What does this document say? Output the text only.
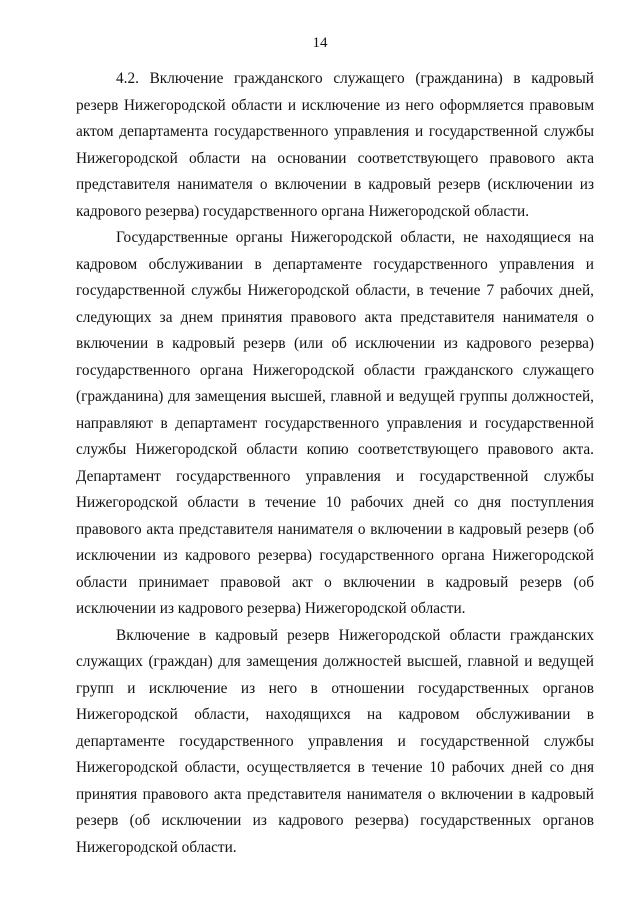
14

4.2. Включение гражданского служащего (гражданина) в кадровый резерв Нижегородской области и исключение из него оформляется правовым актом департамента государственного управления и государственной службы Нижегородской области на основании соответствующего правового акта представителя нанимателя о включении в кадровый резерв (исключении из кадрового резерва) государственного органа Нижегородской области.

Государственные органы Нижегородской области, не находящиеся на кадровом обслуживании в департаменте государственного управления и государственной службы Нижегородской области, в течение 7 рабочих дней, следующих за днем принятия правового акта представителя нанимателя о включении в кадровый резерв (или об исключении из кадрового резерва) государственного органа Нижегородской области гражданского служащего (гражданина) для замещения высшей, главной и ведущей группы должностей, направляют в департамент государственного управления и государственной службы Нижегородской области копию соответствующего правового акта. Департамент государственного управления и государственной службы Нижегородской области в течение 10 рабочих дней со дня поступления правового акта представителя нанимателя о включении в кадровый резерв (об исключении из кадрового резерва) государственного органа Нижегородской области принимает правовой акт о включении в кадровый резерв (об исключении из кадрового резерва) Нижегородской области.

Включение в кадровый резерв Нижегородской области гражданских служащих (граждан) для замещения должностей высшей, главной и ведущей групп и исключение из него в отношении государственных органов Нижегородской области, находящихся на кадровом обслуживании в департаменте государственного управления и государственной службы Нижегородской области, осуществляется в течение 10 рабочих дней со дня принятия правового акта представителя нанимателя о включении в кадровый резерв (об исключении из кадрового резерва) государственных органов Нижегородской области.
